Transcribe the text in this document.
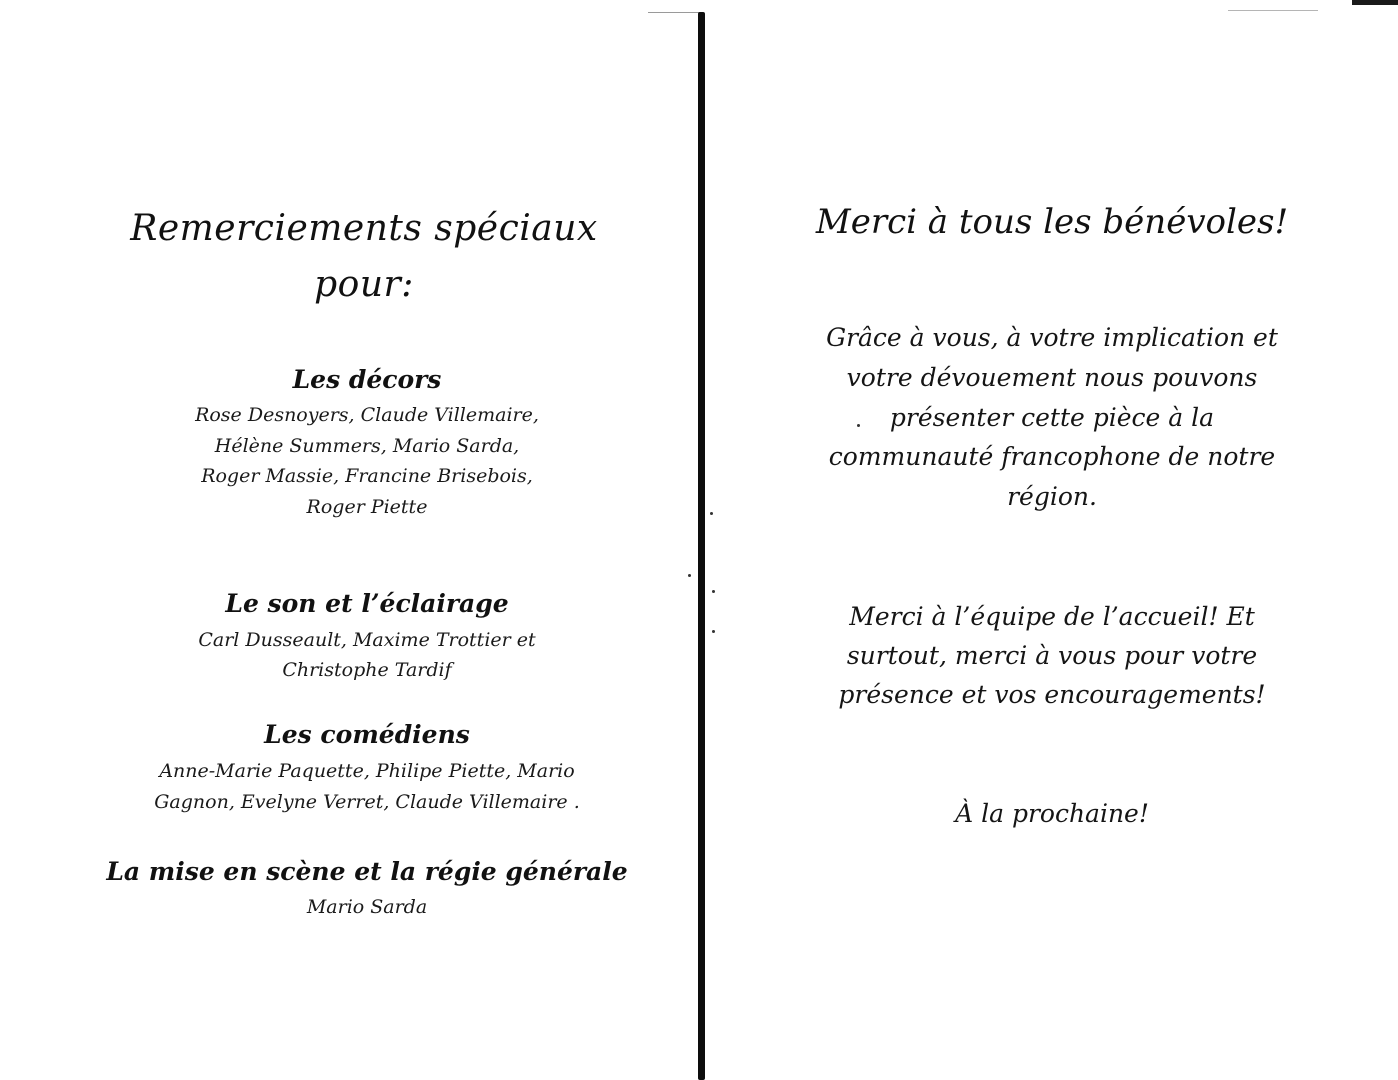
Remerciements spéciaux
pour:
Les décors
Rose Desnoyers, Claude Villemaire,
Hélène Summers, Mario Sarda,
Roger Massie, Francine Brisebois,
Roger Piette
Le son et l’éclairage
Carl Dusseault, Maxime Trottier et
Christophe Tardif
Les comédiens
Anne-Marie Paquette, Philipe Piette, Mario
Gagnon, Evelyne Verret, Claude Villemaire .
La mise en scène et la régie générale
Mario Sarda
Merci à tous les bénévoles!
Grâce à vous, à votre implication et
votre dévouement nous pouvons
présenter cette pièce à la
communauté francophone de notre
région.
Merci à l’équipe de l’accueil! Et
surtout, merci à vous pour votre
présence et vos encouragements!
À la prochaine!
